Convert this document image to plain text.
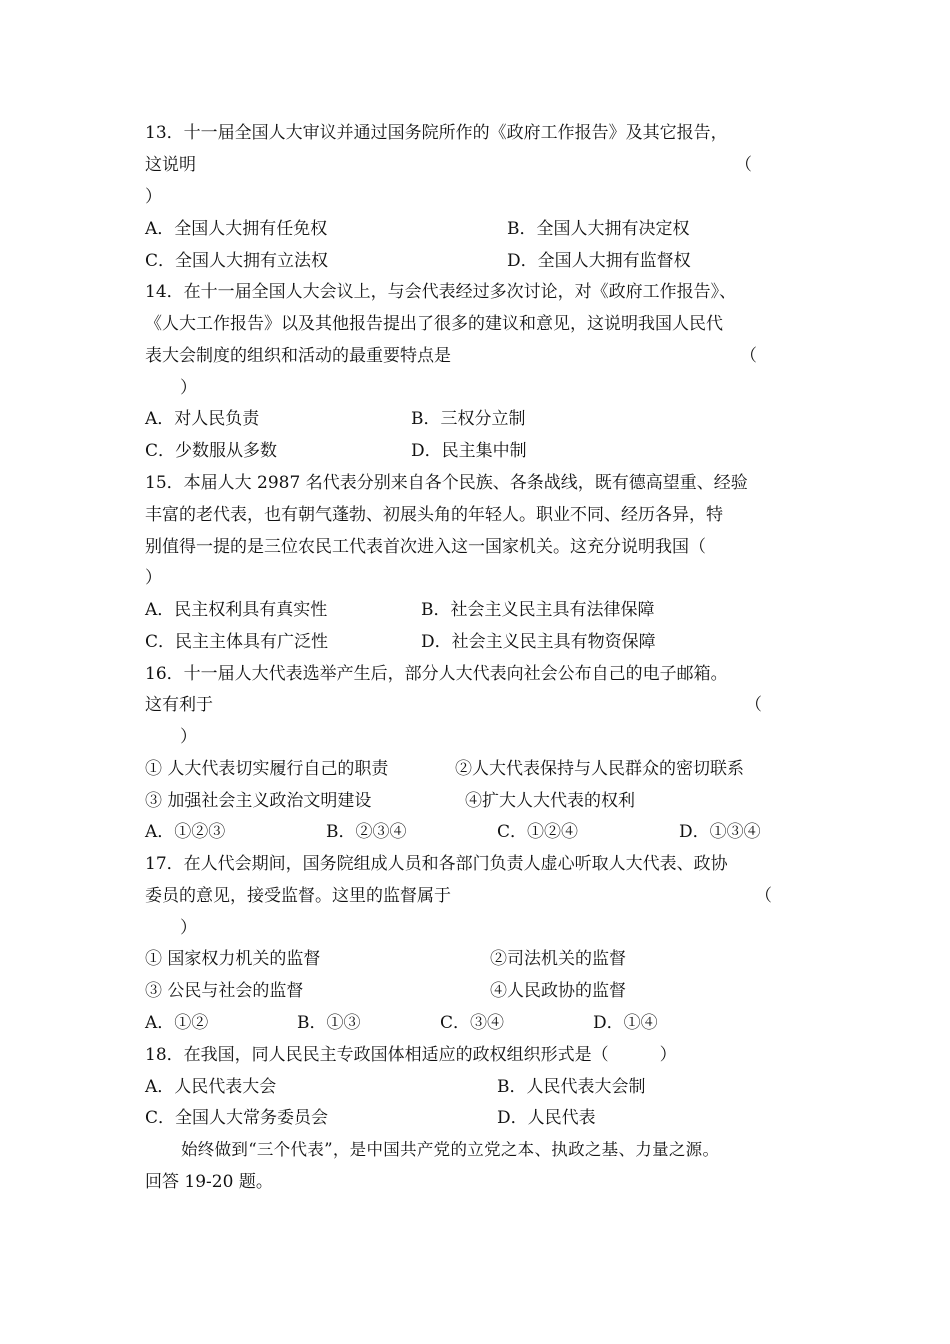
13．十一届全国人大审议并通过国务院所作的《政府工作报告》及其它报告，
这说明	（
）
A．全国人大拥有任免权	B．全国人大拥有决定权
C．全国人大拥有立法权	D．全国人大拥有监督权
14．在十一届全国人大会议上，与会代表经过多次讨论，对《政府工作报告》、
《人大工作报告》以及其他报告提出了很多的建议和意见，这说明我国人民代
表大会制度的组织和活动的最重要特点是	（
）
A．对人民负责	B．三权分立制
C．少数服从多数	D．民主集中制
15．本届人大 2987 名代表分别来自各个民族、各条战线，既有德高望重、经验
丰富的老代表，也有朝气蓬勃、初展头角的年轻人。职业不同、经历各异，特
别值得一提的是三位农民工代表首次进入这一国家机关。这充分说明我国（
）
A．民主权利具有真实性	B．社会主义民主具有法律保障
C．民主主体具有广泛性	D．社会主义民主具有物资保障
16．十一届人大代表选举产生后，部分人大代表向社会公布自己的电子邮箱。
这有利于	（
）
① 人大代表切实履行自己的职责	②人大代表保持与人民群众的密切联系
③ 加强社会主义政治文明建设	④扩大人大代表的权利
A．①②③	B．②③④	C．①②④	D．①③④
17．在人代会期间，国务院组成人员和各部门负责人虚心听取人大代表、政协
委员的意见，接受监督。这里的监督属于	（
）
① 国家权力机关的监督	②司法机关的监督
③ 公民与社会的监督	④人民政协的监督
A．①②	B．①③	C．③④	D．①④
18．在我国，同人民民主专政国体相适应的政权组织形式是（　　　）
A．人民代表大会	B．人民代表大会制
C．全国人大常务委员会	D．人民代表
始终做到“三个代表”，是中国共产党的立党之本、执政之基、力量之源。
回答 19-20 题。
